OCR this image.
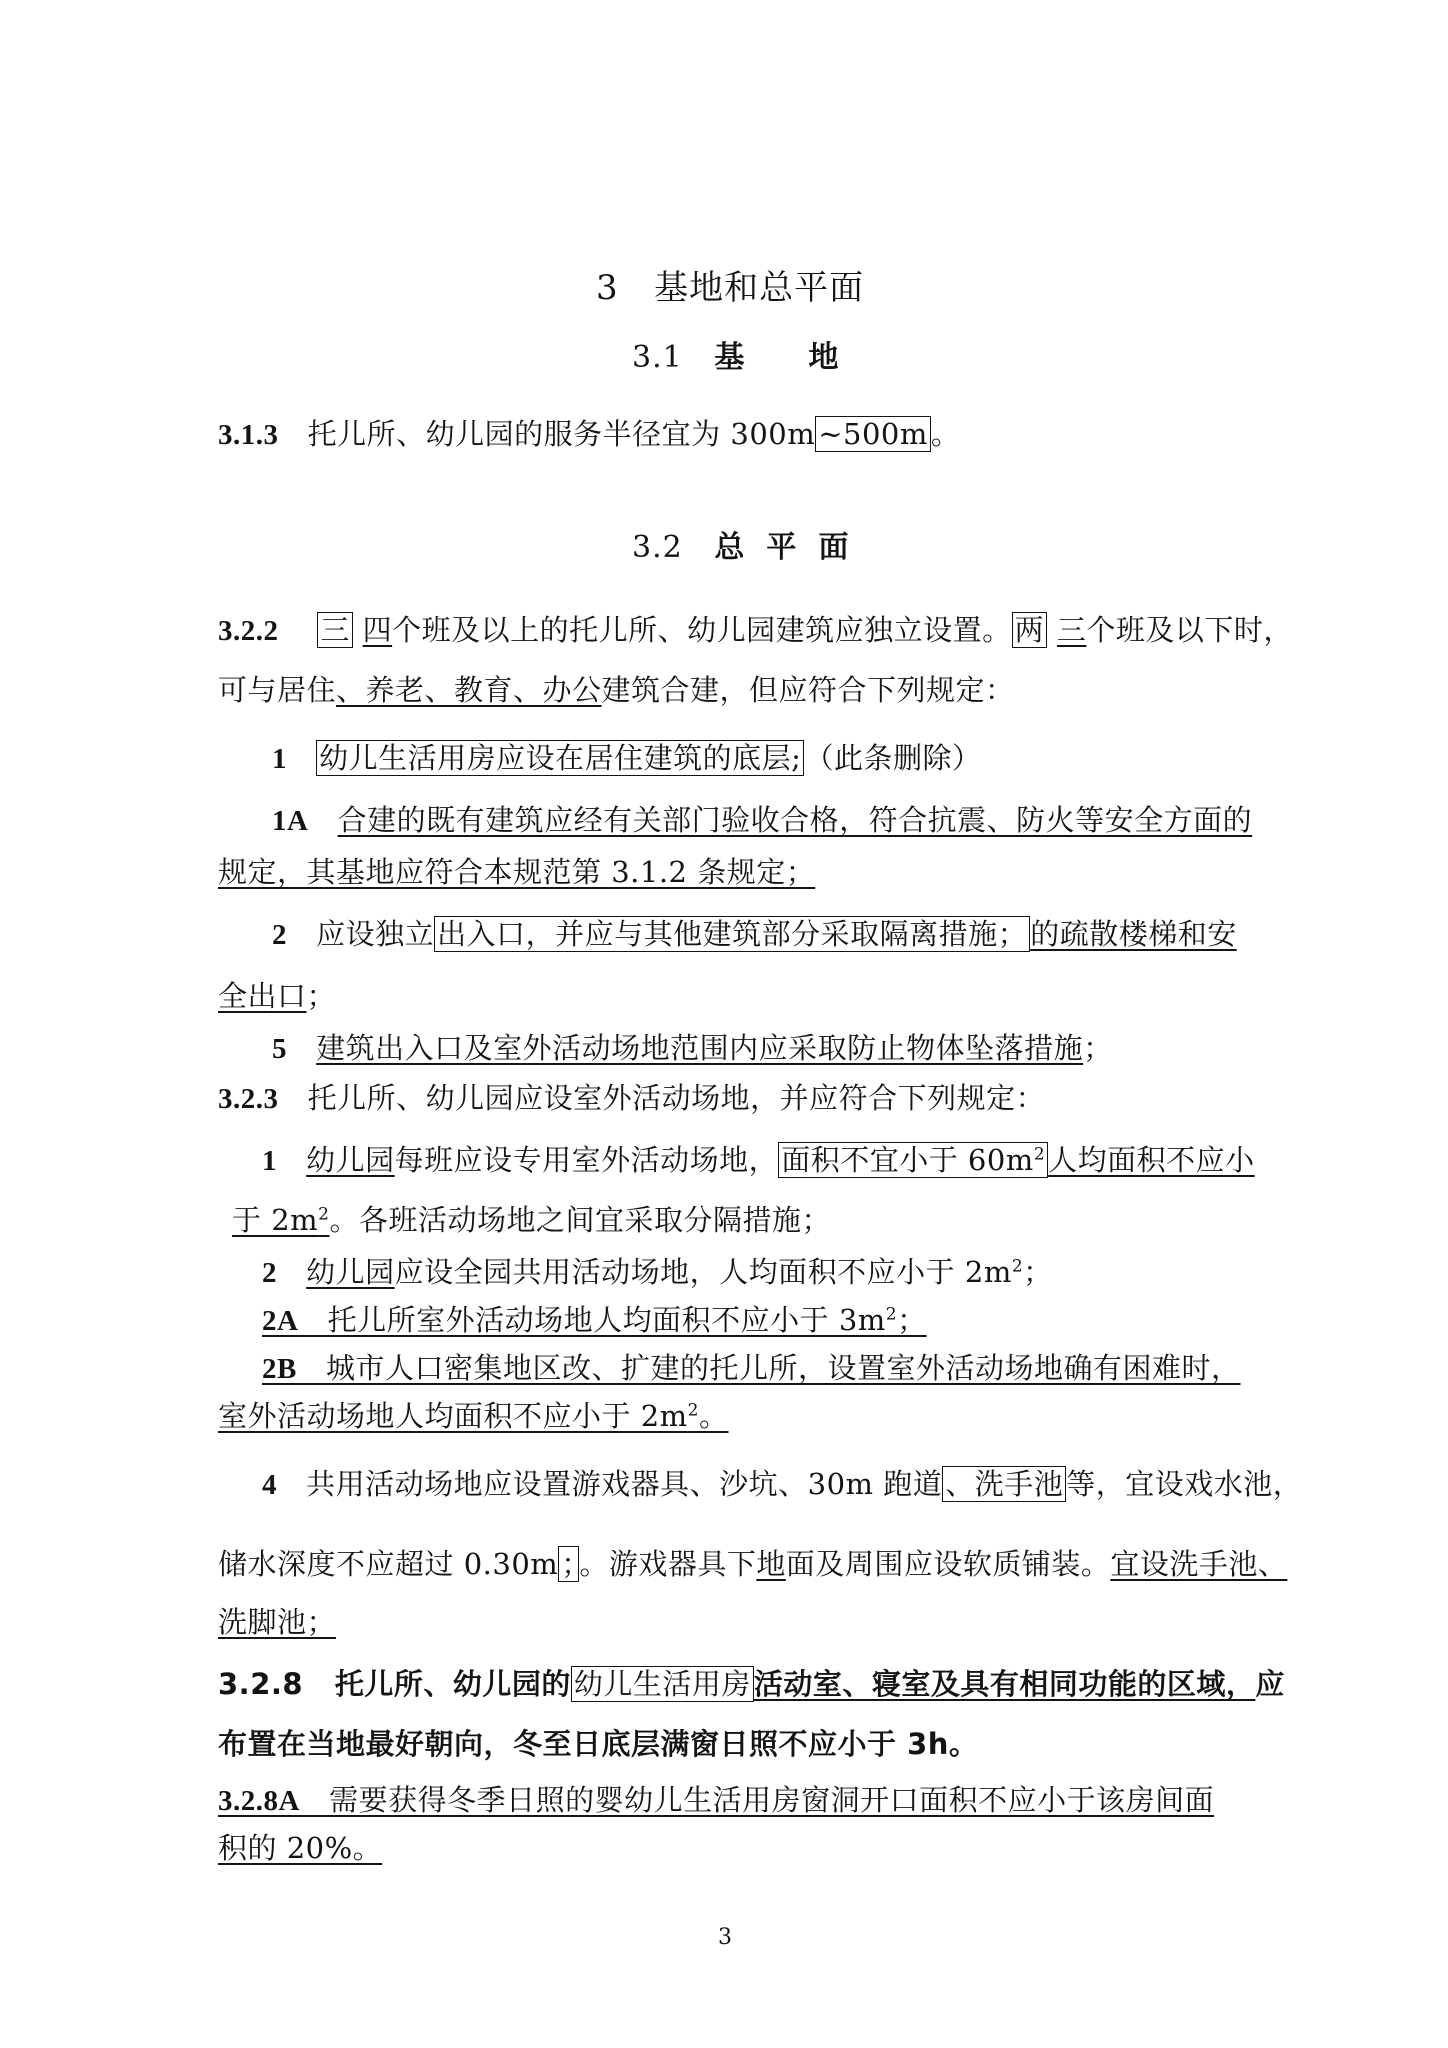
3 基地和总平面
3.1 基 地
3.1.3 托儿所、幼儿园的服务半径宜为 300m ~500m 。
3.2 总 平 面
3.2.2 三 四个班及以上的托儿所、幼儿园建筑应独立设置。 两 三个班及以下时，
可与居住、养老、教育、办公建筑合建，但应符合下列规定：
1 幼儿生活用房应设在居住建筑的底层; （此条删除）
1A 合建的既有建筑应经有关部门验收合格，符合抗震、防火等安全方面的
规定，其基地应符合本规范第 3.1.2 条规定；
2 应设独立 出入口，并应与其他建筑部分采取隔离措施； 的疏散楼梯和安
全出口；
5 建筑出入口及室外活动场地范围内应采取防止物体坠落措施；
3.2.3 托儿所、幼儿园应设室外活动场地，并应符合下列规定：
1 幼儿园每班应设专用室外活动场地， 面积不宜小于 $60m^2$ 人均面积不应小
于 $2m^2$。各班活动场地之间宜采取分隔措施；
2 幼儿园应设全园共用活动场地，人均面积不应小于 $2m^2$；
2A 托儿所室外活动场地人均面积不应小于 $3m^2$；
2B 城市人口密集地区改、扩建的托儿所，设置室外活动场地确有困难时，
室外活动场地人均面积不应小于 $2m^2$。
4 共用活动场地应设置游戏器具、沙坑、30m 跑道 、洗手池 等，宜设戏水池，
储水深度不应超过 0.30m ； 。游戏器具下地面及周围应设软质铺装。宜设洗手池、
洗脚池；
3.2.8 托儿所、幼儿园的 幼儿生活用房 活动室、寝室及具有相同功能的区域，应
布置在当地最好朝向，冬至日底层满窗日照不应小于 3h。
3.2.8A 需要获得冬季日照的婴幼儿生活用房窗洞开口面积不应小于该房间面
积的 20%。
3
